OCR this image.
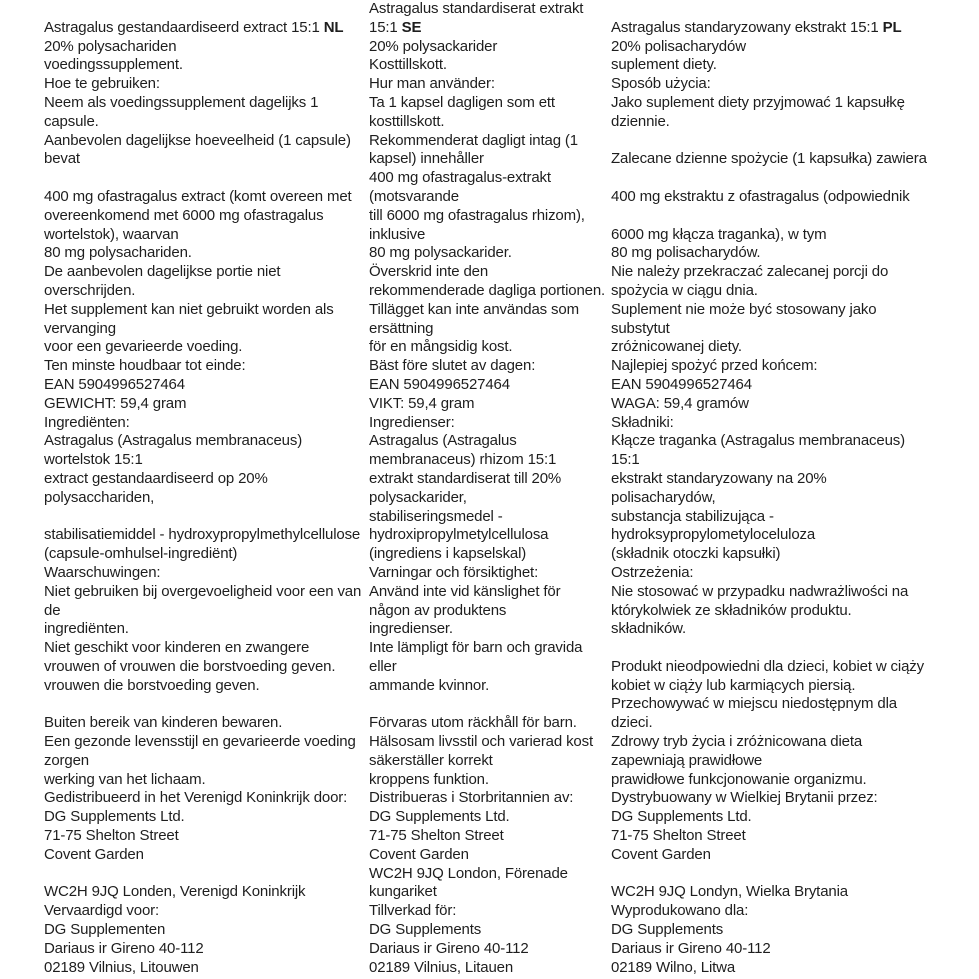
Astragalus gestandaardiseerd extract 15:1 NL
20% polysachariden
voedingssupplement.
Hoe te gebruiken:
Neem als voedingssupplement dagelijks 1
capsule.
Aanbevolen dagelijkse hoeveelheid (1 capsule)
bevat

400 mg ofastragalus extract (komt overeen met
overeenkomend met 6000 mg ofastragalus
wortelstok), waarvan
80 mg polysachariden.
De aanbevolen dagelijkse portie niet
overschrijden.
Het supplement kan niet gebruikt worden als
vervanging
voor een gevarieerde voeding.
Ten minste houdbaar tot einde:
EAN 5904996527464
GEWICHT: 59,4 gram
Ingrediënten:
Astragalus (Astragalus membranaceus)
wortelstok 15:1
extract gestandaardiseerd op 20%
polysacchariden,

stabilisatiemiddel - hydroxypropylmethylcellulose
(capsule-omhulsel-ingrediënt)
Waarschuwingen:
Niet gebruiken bij overgevoeligheid voor een van
de
ingrediënten.
Niet geschikt voor kinderen en zwangere
vrouwen of vrouwen die borstvoeding geven.
vrouwen die borstvoeding geven.

Buiten bereik van kinderen bewaren.
Een gezonde levensstijl en gevarieerde voeding
zorgen
werking van het lichaam.
Gedistribueerd in het Verenigd Koninkrijk door:
DG Supplements Ltd.
71-75 Shelton Street
Covent Garden

WC2H 9JQ Londen, Verenigd Koninkrijk
Vervaardigd voor:
DG Supplementen
Dariaus ir Gireno 40-112
02189 Vilnius, Litouwen
Astragalus standardiserat extrakt
15:1 SE
20% polysackarider
Kosttillskott.
Hur man använder:
Ta 1 kapsel dagligen som ett
kosttillskott.
Rekommenderat dagligt intag (1
kapsel) innehåller
400 mg ofastragalus-extrakt
(motsvarande
till 6000 mg ofastragalus rhizom),
inklusive
80 mg polysackarider.
Överskrid inte den
rekommenderade dagliga portionen.
Tillägget kan inte användas som
ersättning
för en mångsidig kost.
Bäst före slutet av dagen:
EAN 5904996527464
VIKT: 59,4 gram
Ingredienser:
Astragalus (Astragalus
membranaceus) rhizom 15:1
extrakt standardiserat till 20%
polysackarider,
stabiliseringsmedel -
hydroxipropylmetylcellulosa
(ingrediens i kapselskal)
Varningar och försiktighet:
Använd inte vid känslighet för
någon av produktens
ingredienser.
Inte lämpligt för barn och gravida
eller
ammande kvinnor.

Förvaras utom räckhåll för barn.
Hälsosam livsstil och varierad kost
säkerställer korrekt
kroppens funktion.
Distribueras i Storbritannien av:
DG Supplements Ltd.
71-75 Shelton Street
Covent Garden
WC2H 9JQ London, Förenade
kungariket
Tillverkad för:
DG Supplements
Dariaus ir Gireno 40-112
02189 Vilnius, Litauen

Astragalus standaryzowany ekstrakt 15:1 PL
20% polisacharydów
suplement diety.
Sposób użycia:
Jako suplement diety przyjmować 1 kapsułkę
dziennie.

Zalecane dzienne spożycie (1 kapsułka) zawiera

400 mg ekstraktu z ofastragalus (odpowiednik

6000 mg kłącza traganka), w tym
80 mg polisacharydów.
Nie należy przekraczać zalecanej porcji do
spożycia w ciągu dnia.
Suplement nie może być stosowany jako
substytut
zróżnicowanej diety.
Najlepiej spożyć przed końcem:
EAN 5904996527464
WAGA: 59,4 gramów
Składniki:
Kłącze traganka (Astragalus membranaceus)
15:1
ekstrakt standaryzowany na 20%
polisacharydów,
substancja stabilizująca -
hydroksypropylometyloceluloza
(składnik otoczki kapsułki)
Ostrzeżenia:
Nie stosować w przypadku nadwrażliwości na
którykolwiek ze składników produktu.
składników.

Produkt nieodpowiedni dla dzieci, kobiet w ciąży
kobiet w ciąży lub karmiących piersią.
Przechowywać w miejscu niedostępnym dla
dzieci.
Zdrowy tryb życia i zróżnicowana dieta
zapewniają prawidłowe
prawidłowe funkcjonowanie organizmu.
Dystrybuowany w Wielkiej Brytanii przez:
DG Supplements Ltd.
71-75 Shelton Street
Covent Garden

WC2H 9JQ Londyn, Wielka Brytania
Wyprodukowano dla:
DG Supplements
Dariaus ir Gireno 40-112
02189 Wilno, Litwa
